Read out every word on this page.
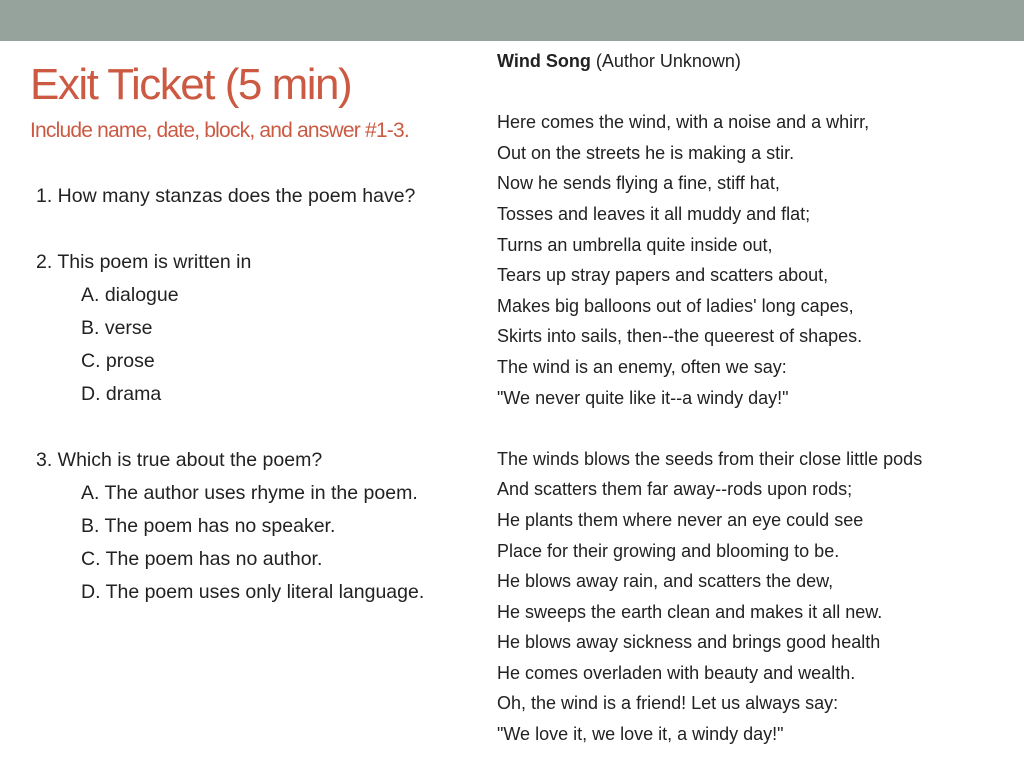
Exit Ticket (5 min)
Include name, date, block, and answer #1-3.
1. How many stanzas does the poem have?
2. This poem is written in
A. dialogue
B. verse
C. prose
D. drama
3. Which is true about the poem?
A. The author uses rhyme in the poem.
B. The poem has no speaker.
C. The poem has no author.
D. The poem uses only literal language.
Wind Song (Author Unknown)
Here comes the wind, with a noise and a whirr,
Out on the streets he is making a stir.
Now he sends flying a fine, stiff hat,
Tosses and leaves it all muddy and flat;
Turns an umbrella quite inside out,
Tears up stray papers and scatters about,
Makes big balloons out of ladies' long capes,
Skirts into sails, then--the queerest of shapes.
The wind is an enemy, often we say:
"We never quite like it--a windy day!"
The winds blows the seeds from their close little pods
And scatters them far away--rods upon rods;
He plants them where never an eye could see
Place for their growing and blooming to be.
He blows away rain, and scatters the dew,
He sweeps the earth clean and makes it all new.
He blows away sickness and brings good health
He comes overladen with beauty and wealth.
Oh, the wind is a friend! Let us always say:
"We love it, we love it, a windy day!"
